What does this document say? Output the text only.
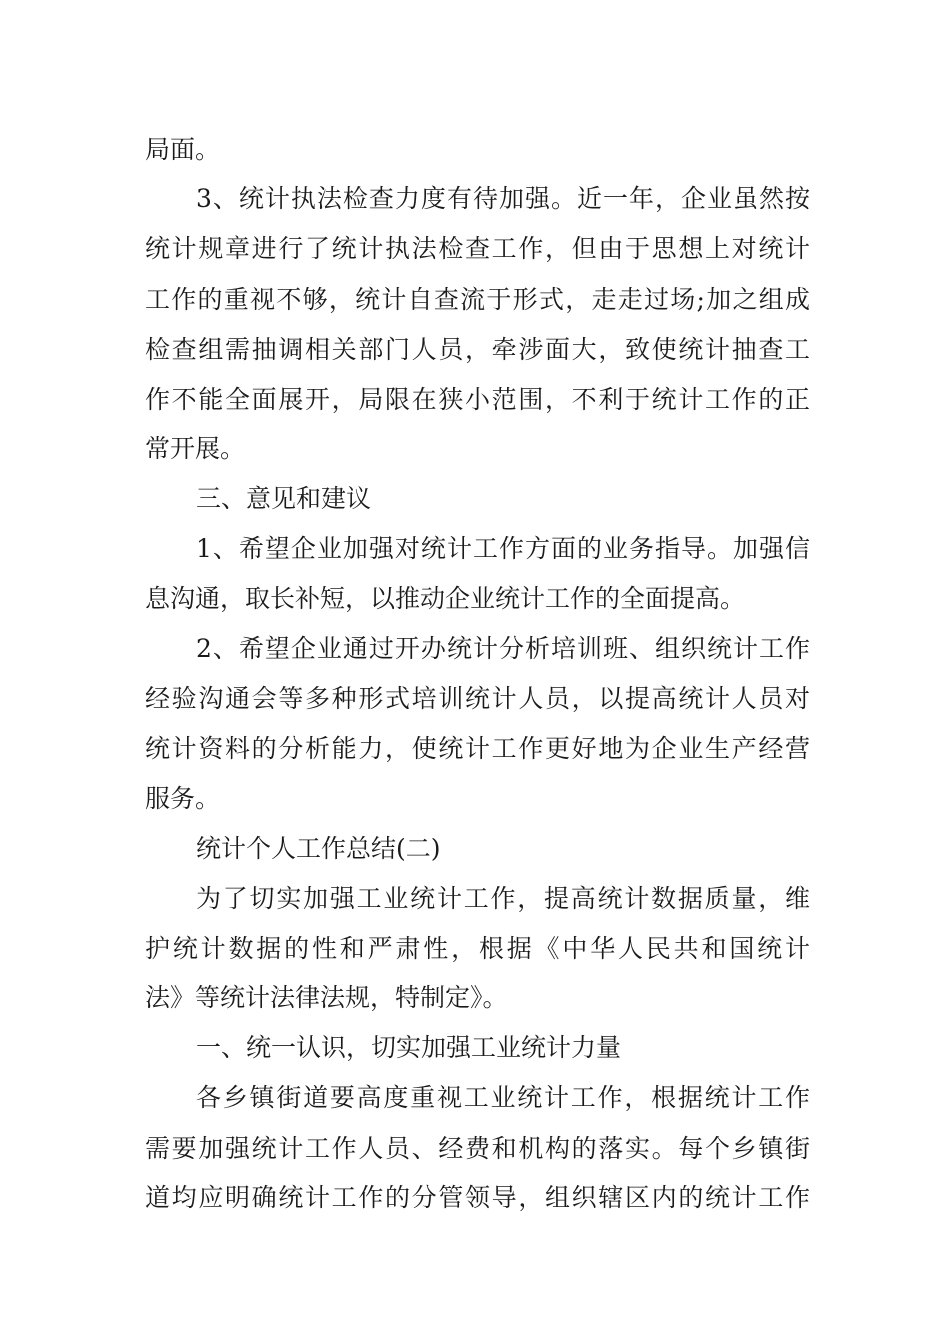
局面。
3、统计执法检查力度有待加强。近一年，企业虽然按
统计规章进行了统计执法检查工作，但由于思想上对统计
工作的重视不够，统计自查流于形式，走走过场;加之组成
检查组需抽调相关部门人员，牵涉面大，致使统计抽查工
作不能全面展开，局限在狭小范围，不利于统计工作的正
常开展。
三、意见和建议
1、希望企业加强对统计工作方面的业务指导。加强信
息沟通，取长补短，以推动企业统计工作的全面提高。
2、希望企业通过开办统计分析培训班、组织统计工作
经验沟通会等多种形式培训统计人员，以提高统计人员对
统计资料的分析能力，使统计工作更好地为企业生产经营
服务。
统计个人工作总结(二)
为了切实加强工业统计工作，提高统计数据质量，维
护统计数据的性和严肃性，根据《中华人民共和国统计
法》等统计法律法规，特制定》。
一、统一认识，切实加强工业统计力量
各乡镇街道要高度重视工业统计工作，根据统计工作
需要加强统计工作人员、经费和机构的落实。每个乡镇街
道均应明确统计工作的分管领导，组织辖区内的统计工作
